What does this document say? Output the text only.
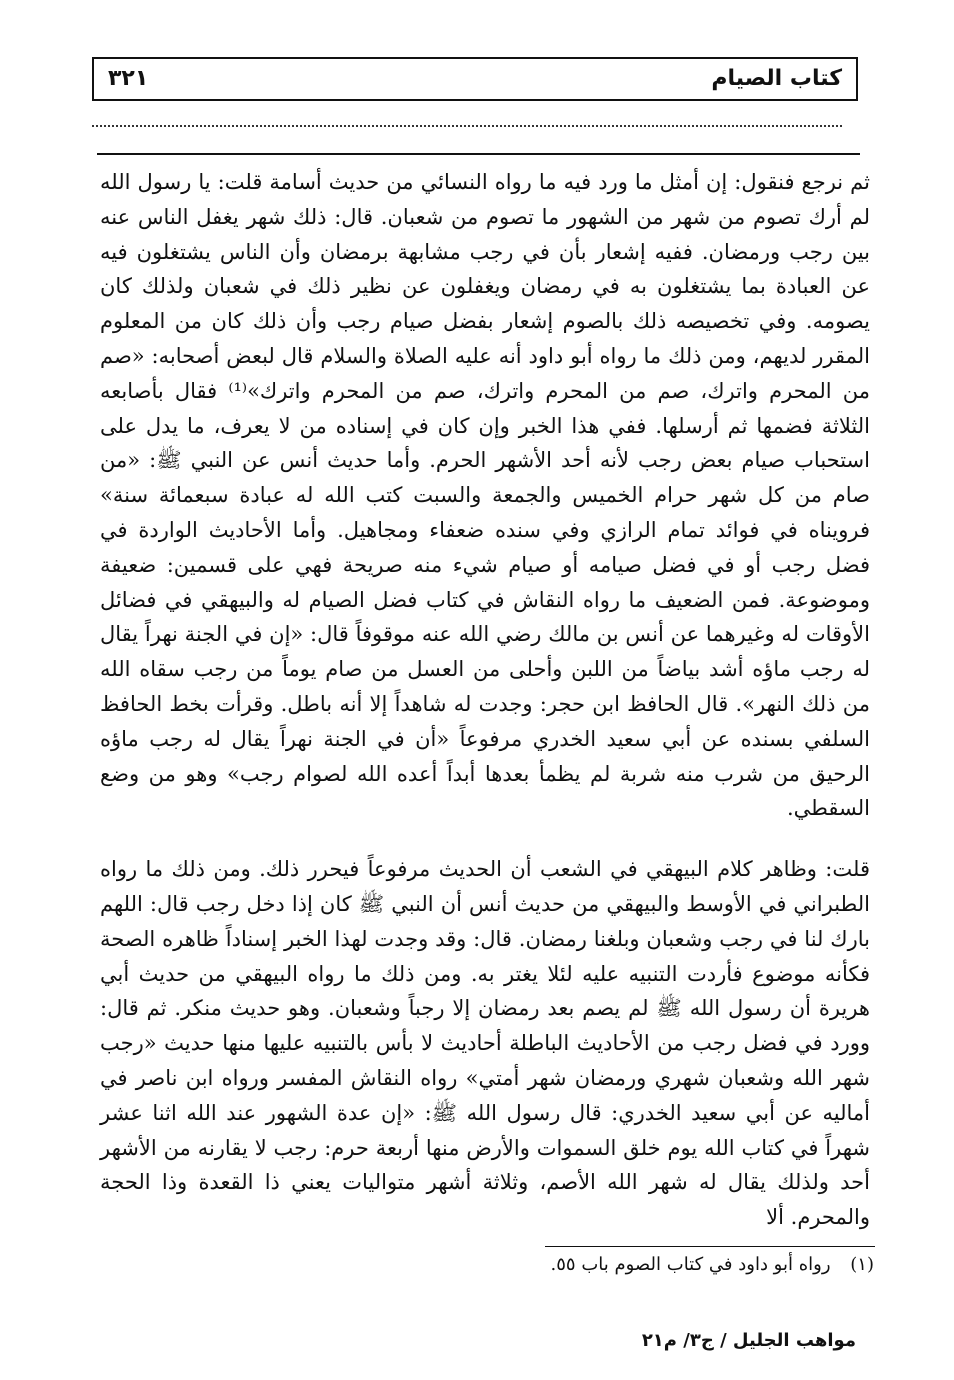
كتاب الصيام
٣٢١

ثم نرجع فنقول: إن أمثل ما ورد فيه ما رواه النسائي من حديث أسامة قلت: يا رسول الله لم أرك تصوم من شهر من الشهور ما تصوم من شعبان. قال: ذلك شهر يغفل الناس عنه بين رجب ورمضان. ففيه إشعار بأن في رجب مشابهة برمضان وأن الناس يشتغلون فيه عن العبادة بما يشتغلون به في رمضان ويغفلون عن نظير ذلك في شعبان ولذلك كان يصومه. وفي تخصيصه ذلك بالصوم إشعار بفضل صيام رجب وأن ذلك كان من المعلوم المقرر لديهم، ومن ذلك ما رواه أبو داود أنه عليه الصلاة والسلام قال لبعض أصحابه: «صم من المحرم واترك، صم من المحرم واترك، صم من المحرم واترك»⁽¹⁾ فقال بأصابعه الثلاثة فضمها ثم أرسلها. ففي هذا الخبر وإن كان في إسناده من لا يعرف، ما يدل على استحباب صيام بعض رجب لأنه أحد الأشهر الحرم. وأما حديث أنس عن النبي ﷺ: «من صام من كل شهر حرام الخميس والجمعة والسبت كتب الله له عبادة سبعمائة سنة» فرويناه في فوائد تمام الرازي وفي سنده ضعفاء ومجاهيل. وأما الأحاديث الواردة في فضل رجب أو في فضل صيامه أو صيام شيء منه صريحة فهي على قسمين: ضعيفة وموضوعة. فمن الضعيف ما رواه النقاش في كتاب فضل الصيام له والبيهقي في فضائل الأوقات له وغيرهما عن أنس بن مالك رضي الله عنه موقوفاً قال: «إن في الجنة نهراً يقال له رجب ماؤه أشد بياضاً من اللبن وأحلى من العسل من صام يوماً من رجب سقاه الله من ذلك النهر». قال الحافظ ابن حجر: وجدت له شاهداً إلا أنه باطل. وقرأت بخط الحافظ السلفي بسنده عن أبي سعيد الخدري مرفوعاً «أن في الجنة نهراً يقال له رجب ماؤه الرحيق من شرب منه شربة لم يظمأ بعدها أبداً أعده الله لصوام رجب» وهو من وضع السقطي.

قلت: وظاهر كلام البيهقي في الشعب أن الحديث مرفوعاً فيحرر ذلك. ومن ذلك ما رواه الطبراني في الأوسط والبيهقي من حديث أنس أن النبي ﷺ كان إذا دخل رجب قال: اللهم بارك لنا في رجب وشعبان وبلغنا رمضان. قال: وقد وجدت لهذا الخبر إسناداً ظاهره الصحة فكأنه موضوع فأردت التنبيه عليه لئلا يغتر به. ومن ذلك ما رواه البيهقي من حديث أبي هريرة أن رسول الله ﷺ لم يصم بعد رمضان إلا رجباً وشعبان. وهو حديث منكر. ثم قال: وورد في فضل رجب من الأحاديث الباطلة أحاديث لا بأس بالتنبيه عليها منها حديث «رجب شهر الله وشعبان شهري ورمضان شهر أمتي» رواه النقاش المفسر ورواه ابن ناصر في أماليه عن أبي سعيد الخدري: قال رسول الله ﷺ: «إن عدة الشهور عند الله اثنا عشر شهراً في كتاب الله يوم خلق السموات والأرض منها أربعة حرم: رجب لا يقارنه من الأشهر أحد ولذلك يقال له شهر الله الأصم، وثلاثة أشهر متواليات يعني ذا القعدة وذا الحجة والمحرم. ألا

(١) رواه أبو داود في كتاب الصوم باب ٥٥.
مواهب الجليل / ج٣/ م٢١
